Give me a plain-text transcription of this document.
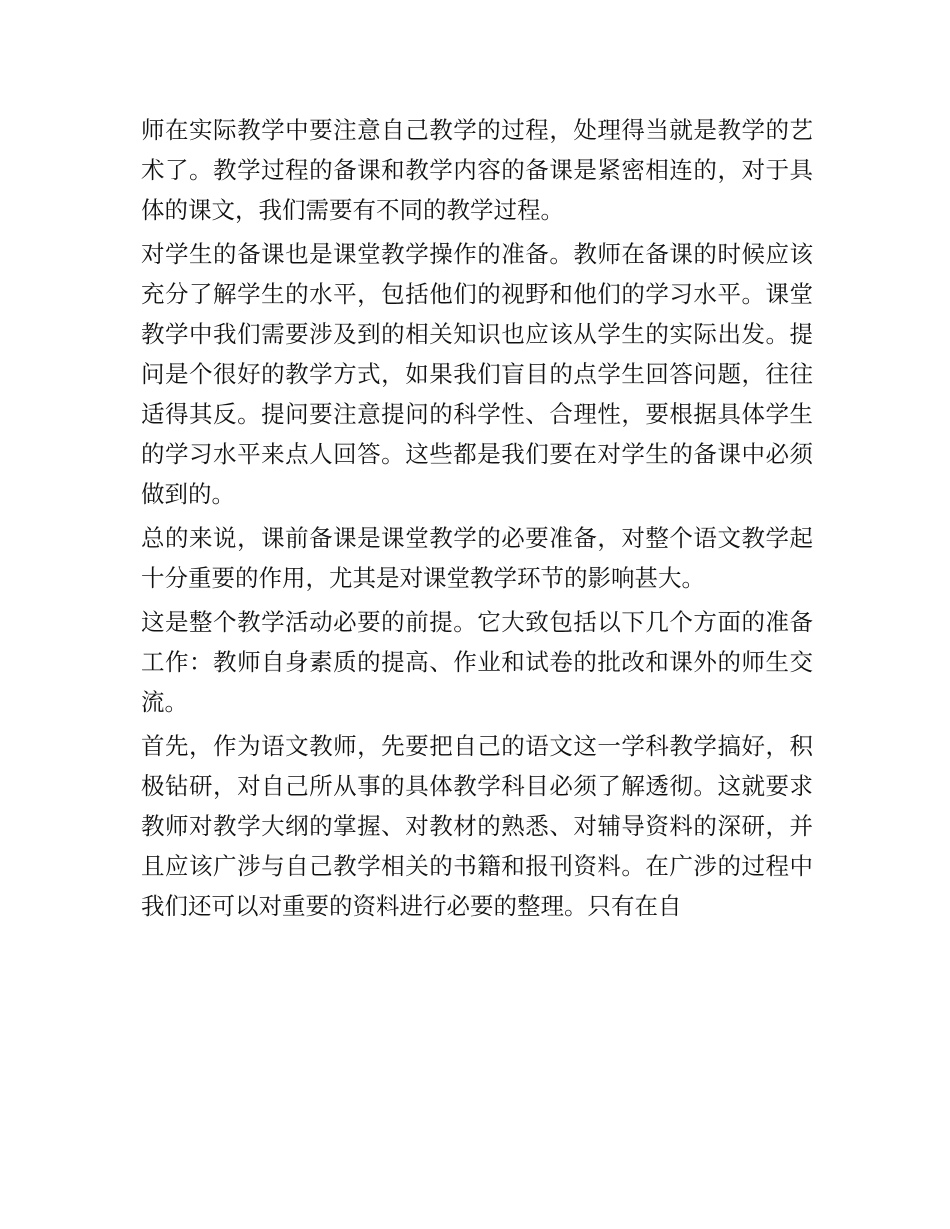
师在实际教学中要注意自己教学的过程，处理得当就是教学的艺术了。教学过程的备课和教学内容的备课是紧密相连的，对于具体的课文，我们需要有不同的教学过程。

对学生的备课也是课堂教学操作的准备。教师在备课的时候应该充分了解学生的水平，包括他们的视野和他们的学习水平。课堂教学中我们需要涉及到的相关知识也应该从学生的实际出发。提问是个很好的教学方式，如果我们盲目的点学生回答问题，往往适得其反。提问要注意提问的科学性、合理性，要根据具体学生的学习水平来点人回答。这些都是我们要在对学生的备课中必须做到的。

总的来说，课前备课是课堂教学的必要准备，对整个语文教学起十分重要的作用，尤其是对课堂教学环节的影响甚大。

这是整个教学活动必要的前提。它大致包括以下几个方面的准备工作：教师自身素质的提高、作业和试卷的批改和课外的师生交流。

首先，作为语文教师，先要把自己的语文这一学科教学搞好，积极钻研，对自己所从事的具体教学科目必须了解透彻。这就要求教师对教学大纲的掌握、对教材的熟悉、对辅导资料的深研，并且应该广涉与自己教学相关的书籍和报刊资料。在广涉的过程中我们还可以对重要的资料进行必要的整理。只有在自
